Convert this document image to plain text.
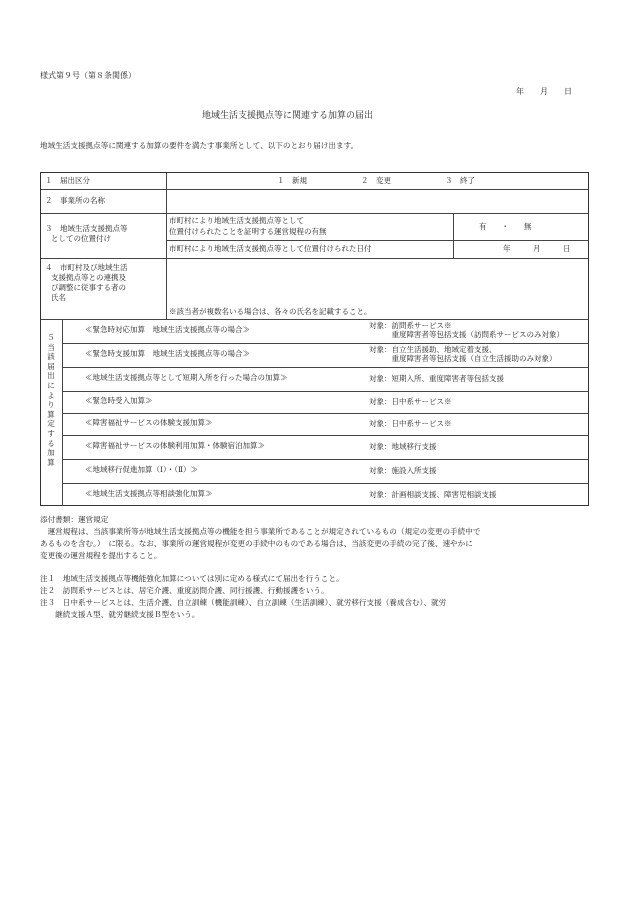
様式第９号（第８条関係）
年　　月　　日
地域生活支援拠点等に関連する加算の届出
地域生活支援拠点等に関連する加算の要件を満たす事業所として、以下のとおり届け出ます。
１　届出区分	１　新規	２　変更	３　終了
２　事業所の名称
３　地域生活支援拠点等
としての位置付け
市町村により地域生活支援拠点等として
位置付けられたことを証明する運営規程の有無
有　　・　　無
市町村により地域生活支援拠点等として位置付けられた日付	年　　　月　　　日
４　市町村及び地域生活
支援拠点等との連携及
び調整に従事する者の
氏名
※該当者が複数名いる場合は、各々の氏名を記載すること。
５当該届出により算定する加算
≪緊急時対応加算　地域生活支援拠点等の場合≫	対象：訪問系サービス※
　　　重度障害者等包括支援（訪問系サービスのみ対象）
≪緊急時支援加算　地域生活支援拠点等の場合≫	対象：自立生活援助、地域定着支援、
　　　重度障害者等包括支援（自立生活援助のみ対象）
≪地域生活支援拠点等として短期入所を行った場合の加算≫	対象：短期入所、重度障害者等包括支援
≪緊急時受入加算≫	対象：日中系サービス※
≪障害福祉サービスの体験支援加算≫	対象：日中系サービス※
≪障害福祉サービスの体験利用加算・体験宿泊加算≫	対象：地域移行支援
≪地域移行促進加算（Ⅰ）・（Ⅱ）≫	対象：施設入所支援
≪地域生活支援拠点等相談強化加算≫	対象：計画相談支援、障害児相談支援
添付書類：運営規定
　運営規程は、当該事業所等が地域生活支援拠点等の機能を担う事業所であることが規定されているもの（規定の変更の手続中で
あるものを含む。）　に限る。なお、事業所の運営規程が変更の手続中のものである場合は、当該変更の手続の完了後、速やかに
変更後の運営規程を提出すること。
注１　地域生活支援拠点等機能強化加算については別に定める様式にて届出を行うこと。
注２　訪問系サービスとは、居宅介護、重度訪問介護、同行援護、行動援護をいう。
注３　日中系サービスとは、生活介護、自立訓練（機能訓練）、自立訓練（生活訓練）、就労移行支援（養成含む）、就労
　　継続支援Ａ型、就労継続支援Ｂ型をいう。
